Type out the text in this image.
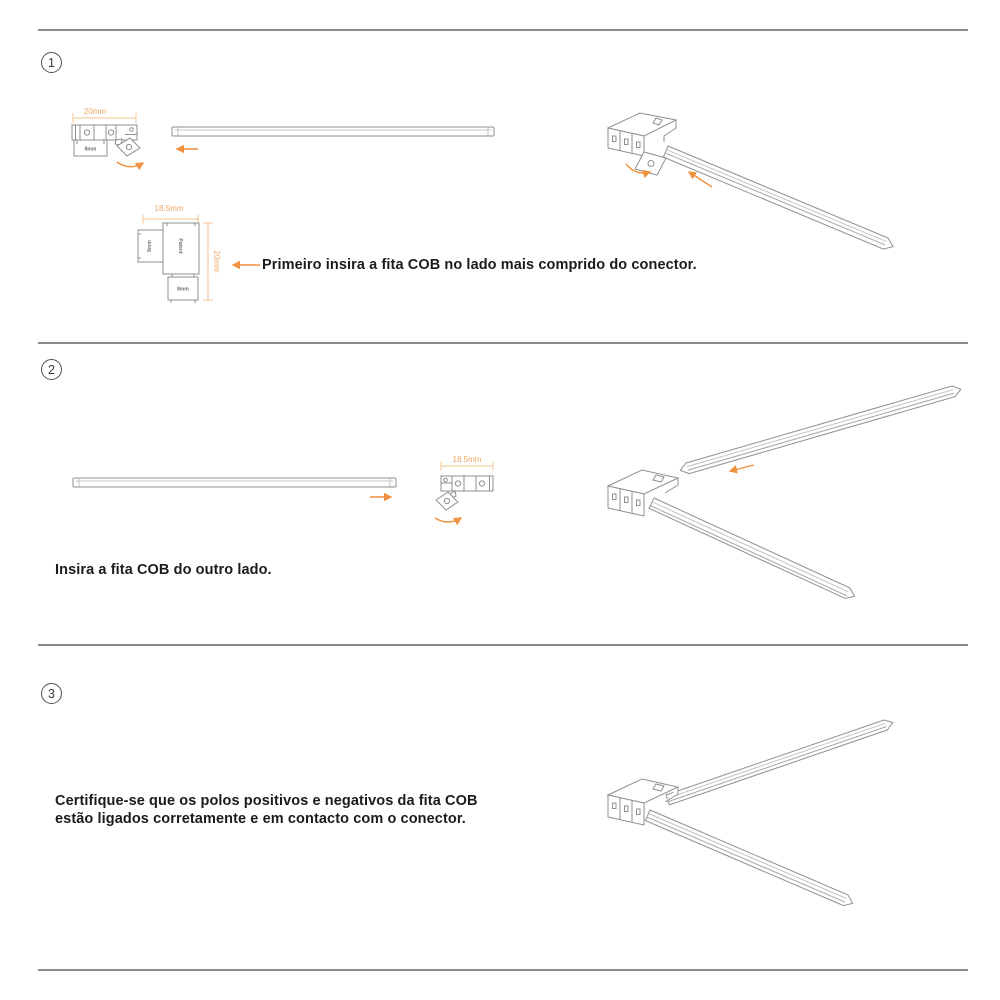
1
2
3
20mm
8mm
18.5mm
8mm	Patent
8mm
20mm	Primeiro insira a fita COB no lado mais comprido do conector.
18.5mm
Insira a fita COB do outro lado.
Certifique-se que os polos positivos e negativos da fita COB estão ligados corretamente e em contacto com o conector.
